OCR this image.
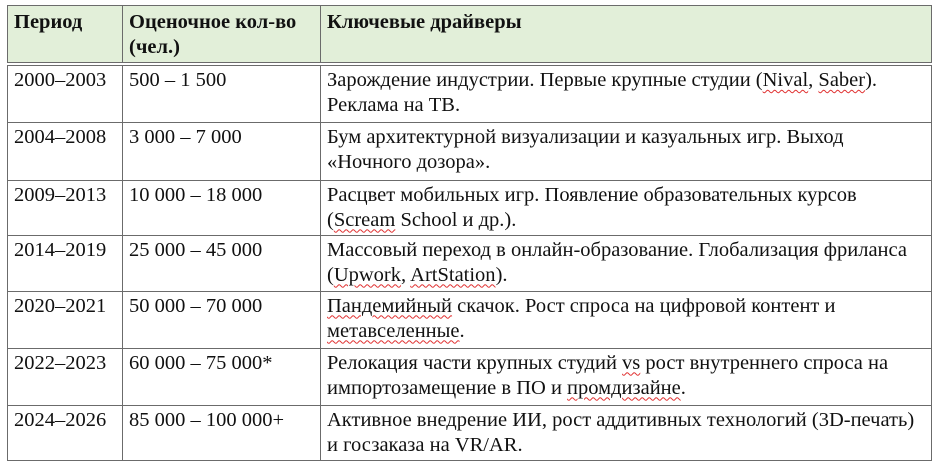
Период	Оценочное кол-во (чел.)	Ключевые драйверы
2000–2003	500 – 1 500	Зарождение индустрии. Первые крупные студии (Nival, Saber). Реклама на ТВ.
2004–2008	3 000 – 7 000	Бум архитектурной визуализации и казуальных игр. Выход «Ночного дозора».
2009–2013	10 000 – 18 000	Расцвет мобильных игр. Появление образовательных курсов (Scream School и др.).
2014–2019	25 000 – 45 000	Массовый переход в онлайн-образование. Глобализация фриланса (Upwork, ArtStation).
2020–2021	50 000 – 70 000	Пандемийный скачок. Рост спроса на цифровой контент и метавселенные.
2022–2023	60 000 – 75 000*	Релокация части крупных студий vs рост внутреннего спроса на импортозамещение в ПО и промдизайне.
2024–2026	85 000 – 100 000+	Активное внедрение ИИ, рост аддитивных технологий (3D-печать) и госзаказа на VR/AR.
